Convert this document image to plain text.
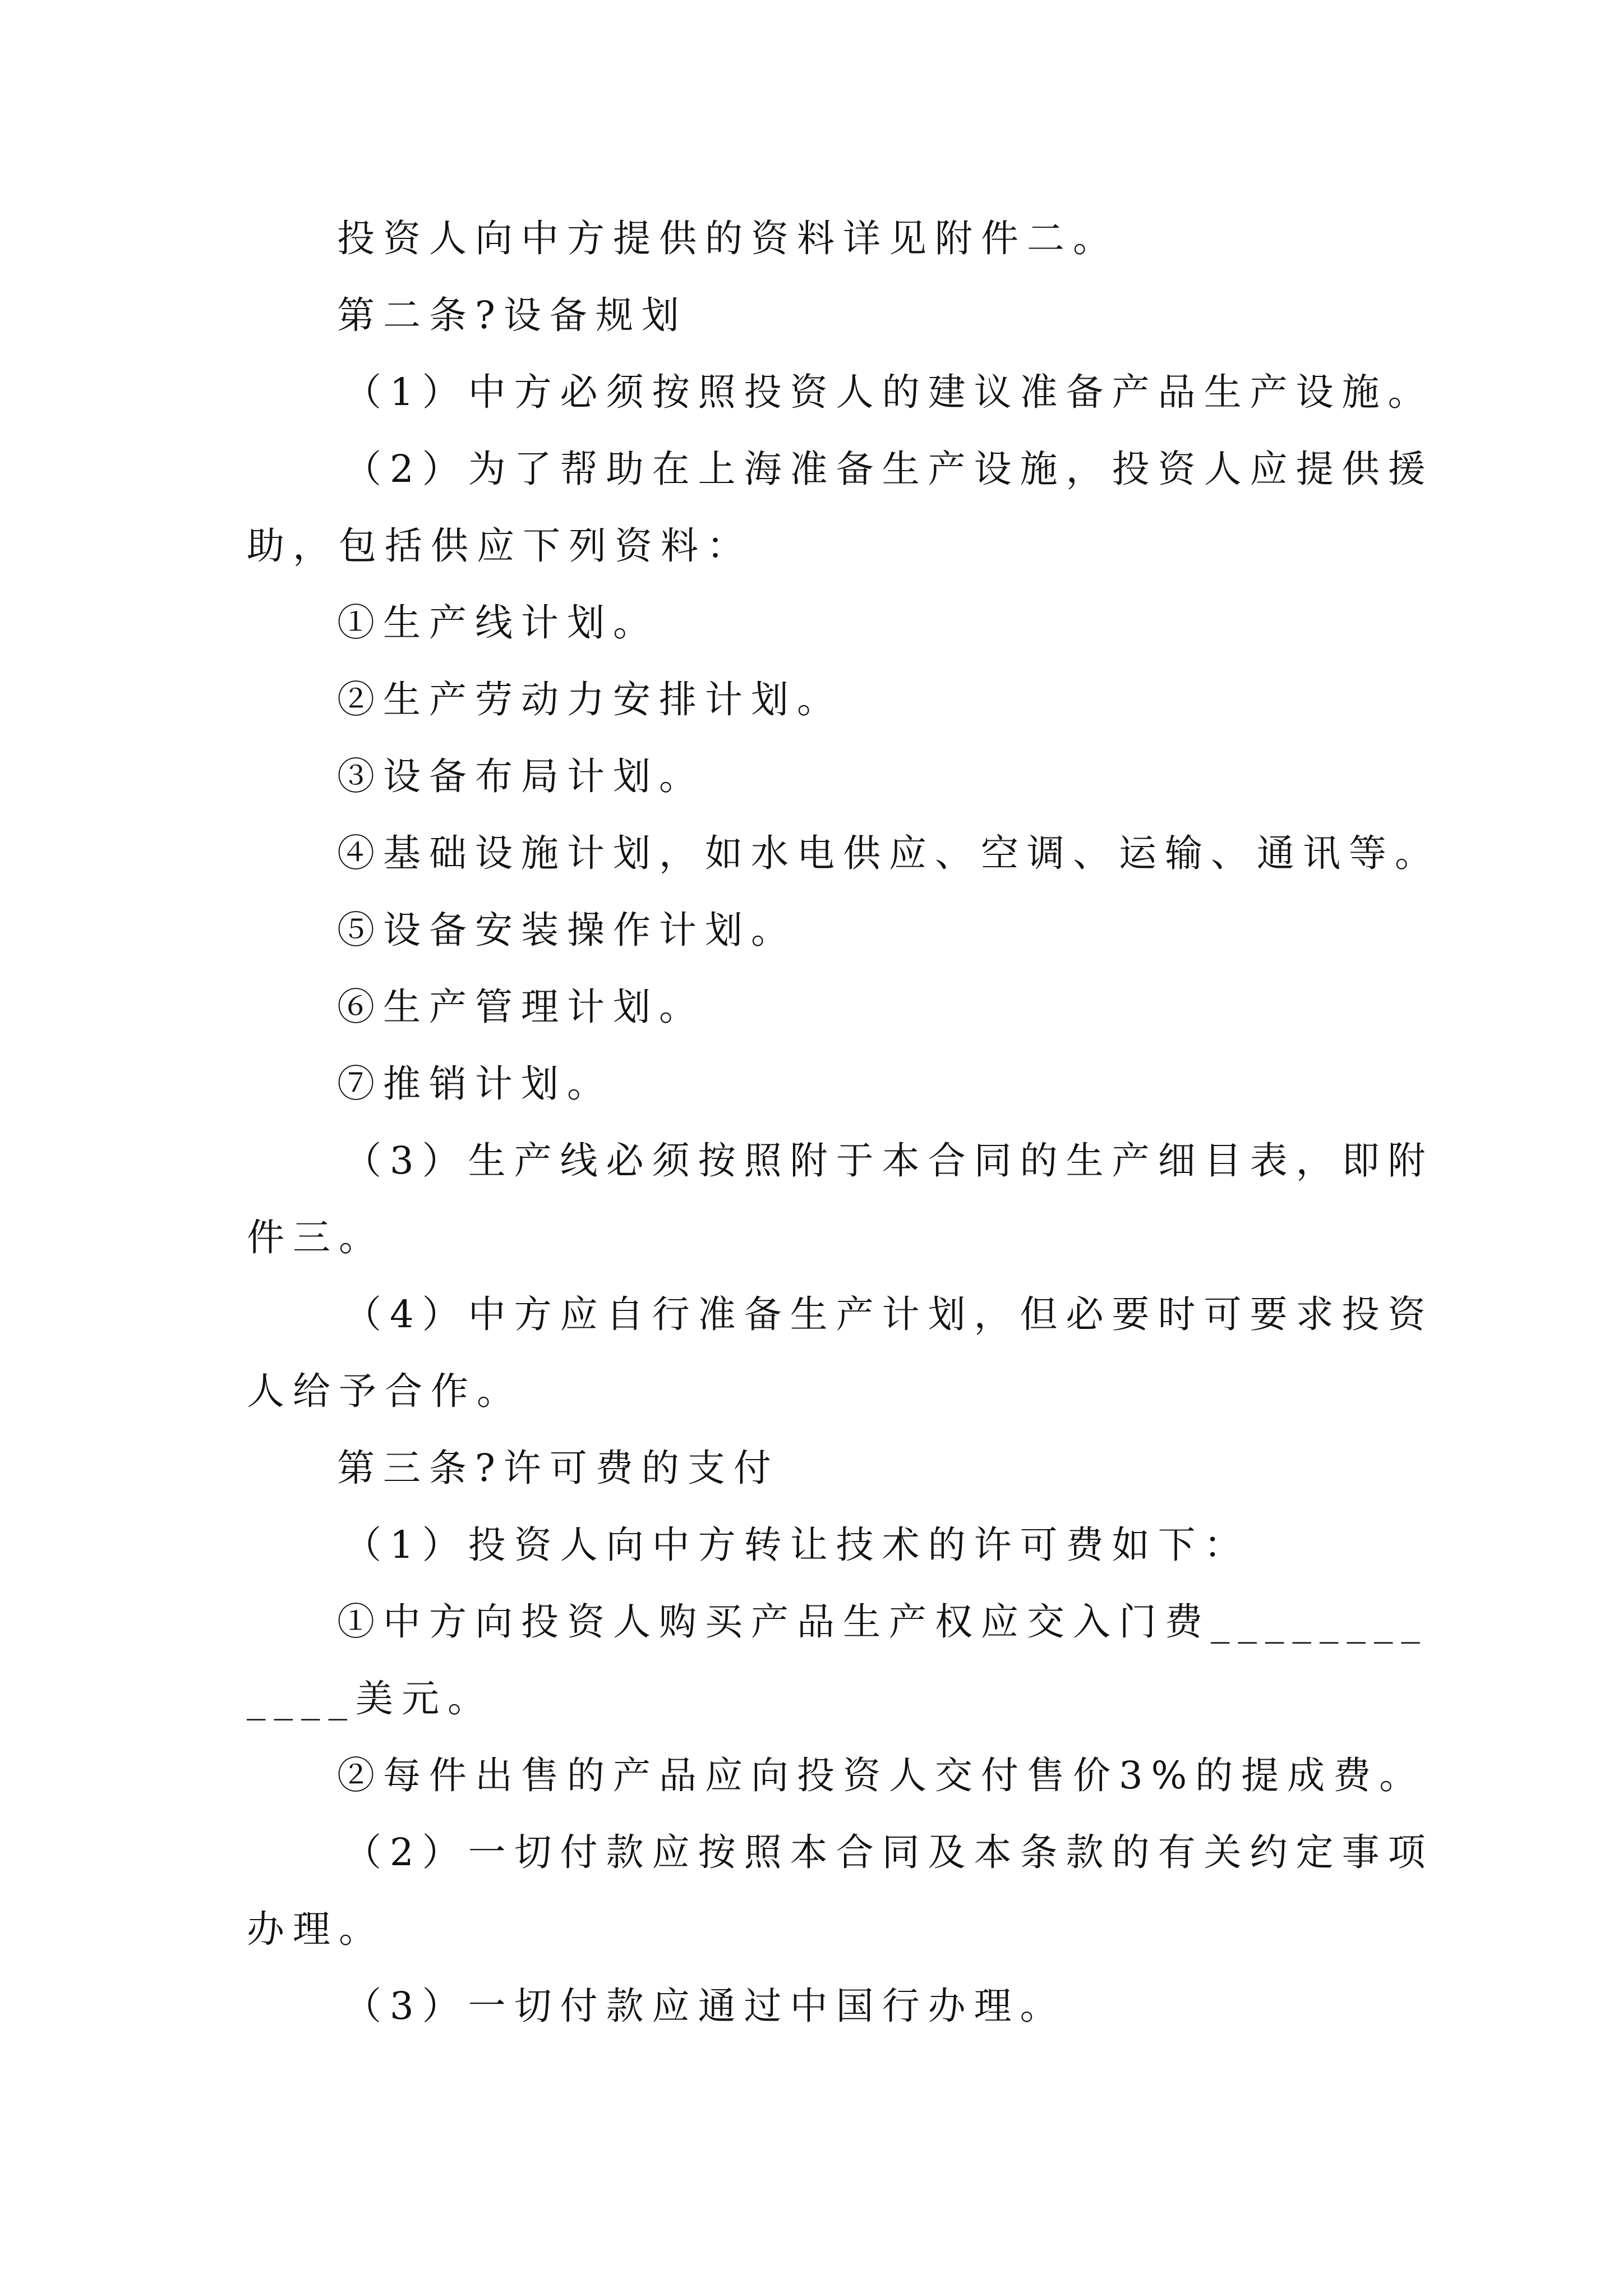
投资人向中方提供的资料详见附件二。
第二条?设备规划
（1）中方必须按照投资人的建议准备产品生产设施。
（2）为了帮助在上海准备生产设施，投资人应提供援
助，包括供应下列资料：
①生产线计划。
②生产劳动力安排计划。
③设备布局计划。
④基础设施计划，如水电供应、空调、运输、通讯等。
⑤设备安装操作计划。
⑥生产管理计划。
⑦推销计划。
（3）生产线必须按照附于本合同的生产细目表，即附
件三。
（4）中方应自行准备生产计划，但必要时可要求投资
人给予合作。
第三条?许可费的支付
（1）投资人向中方转让技术的许可费如下：
①中方向投资人购买产品生产权应交入门费________
____美元。
②每件出售的产品应向投资人交付售价3%的提成费。
（2）一切付款应按照本合同及本条款的有关约定事项
办理。
（3）一切付款应通过中国行办理。
